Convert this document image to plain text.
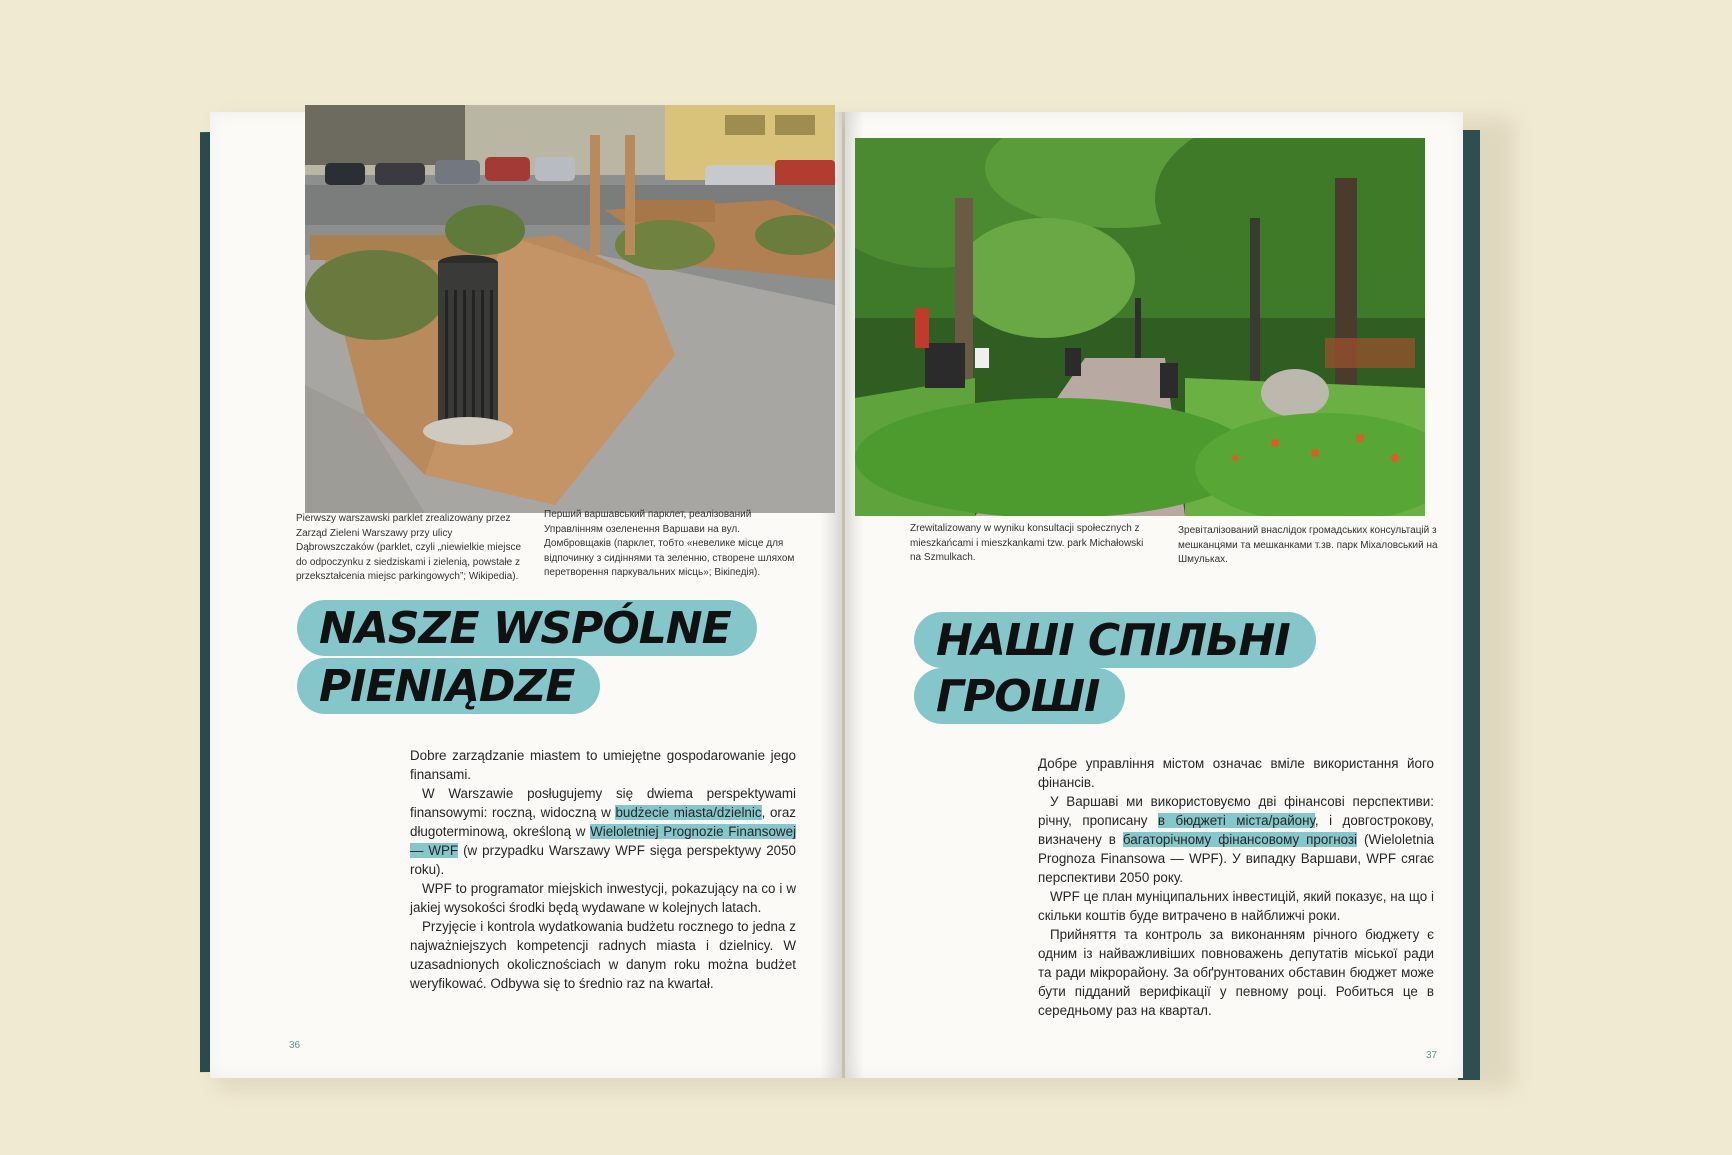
Pierwszy warszawski parklet zrealizowany przez Zarząd Zieleni Warszawy przy ulicy Dąbrowszczaków (parklet, czyli „niewielkie miejsce do odpoczynku z siedziskami i zielenią, powstałe z przekształcenia miejsc parkingowych”; Wikipedia).
Перший варшавський парклет, реалізований Управлінням озеленення Варшави на вул. Домбровщаків (парклет, тобто «невелике місце для відпочинку з сидіннями та зеленню, створене шляхом перетворення паркувальних місць»; Вікіпедія).
Zrewitalizowany w wyniku konsultacji społecznych z mieszkańcami i mieszkankami tzw. park Michałowski na Szmulkach.
Зревіталізований внаслідок громадських консультацій з мешканцями та мешканками т.зв. парк Міхаловський на Шмульках.
NASZE WSPÓLNE
PIENIĄDZE
НАШІ СПІЛЬНІ
ГРОШІ

Dobre zarządzanie miastem to umiejętne gospodarowanie jego finansami.

W Warszawie posługujemy się dwiema perspektywami finansowymi: roczną, widoczną w budżecie miasta/dzielnic, oraz długoterminową, określoną w Wieloletniej Prognozie Finansowej — WPF (w przypadku Warszawy WPF sięga perspektywy 2050 roku).

WPF to programator miejskich inwestycji, pokazujący na co i w jakiej wysokości środki będą wydawane w kolejnych latach.

Przyjęcie i kontrola wydatkowania budżetu rocznego to jedna z najważniejszych kompetencji radnych miasta i dzielnicy. W uzasadnionych okolicznościach w danym roku można budżet weryfikować. Odbywa się to średnio raz na kwartał.

Добре управління містом означає вміле використання його фінансів.

У Варшаві ми використовуємо дві фінансові перспективи: річну, прописану в бюджеті міста/району, і довгострокову, визначену в багаторічному фінансовому прогнозі (Wieloletnia Prognoza Finansowa — WPF). У випадку Варшави, WPF сягає перспективи 2050 року.

WPF це план муніципальних інвестицій, який показує, на що і скільки коштів буде витрачено в найближчі роки.

Прийняття та контроль за виконанням річного бюджету є одним із найважливіших повноважень депутатів міської ради та ради мікрорайону. За обґрунтованих обставин бюджет може бути підданий верифікації у певному році. Робиться це в середньому раз на квартал.

36
37
